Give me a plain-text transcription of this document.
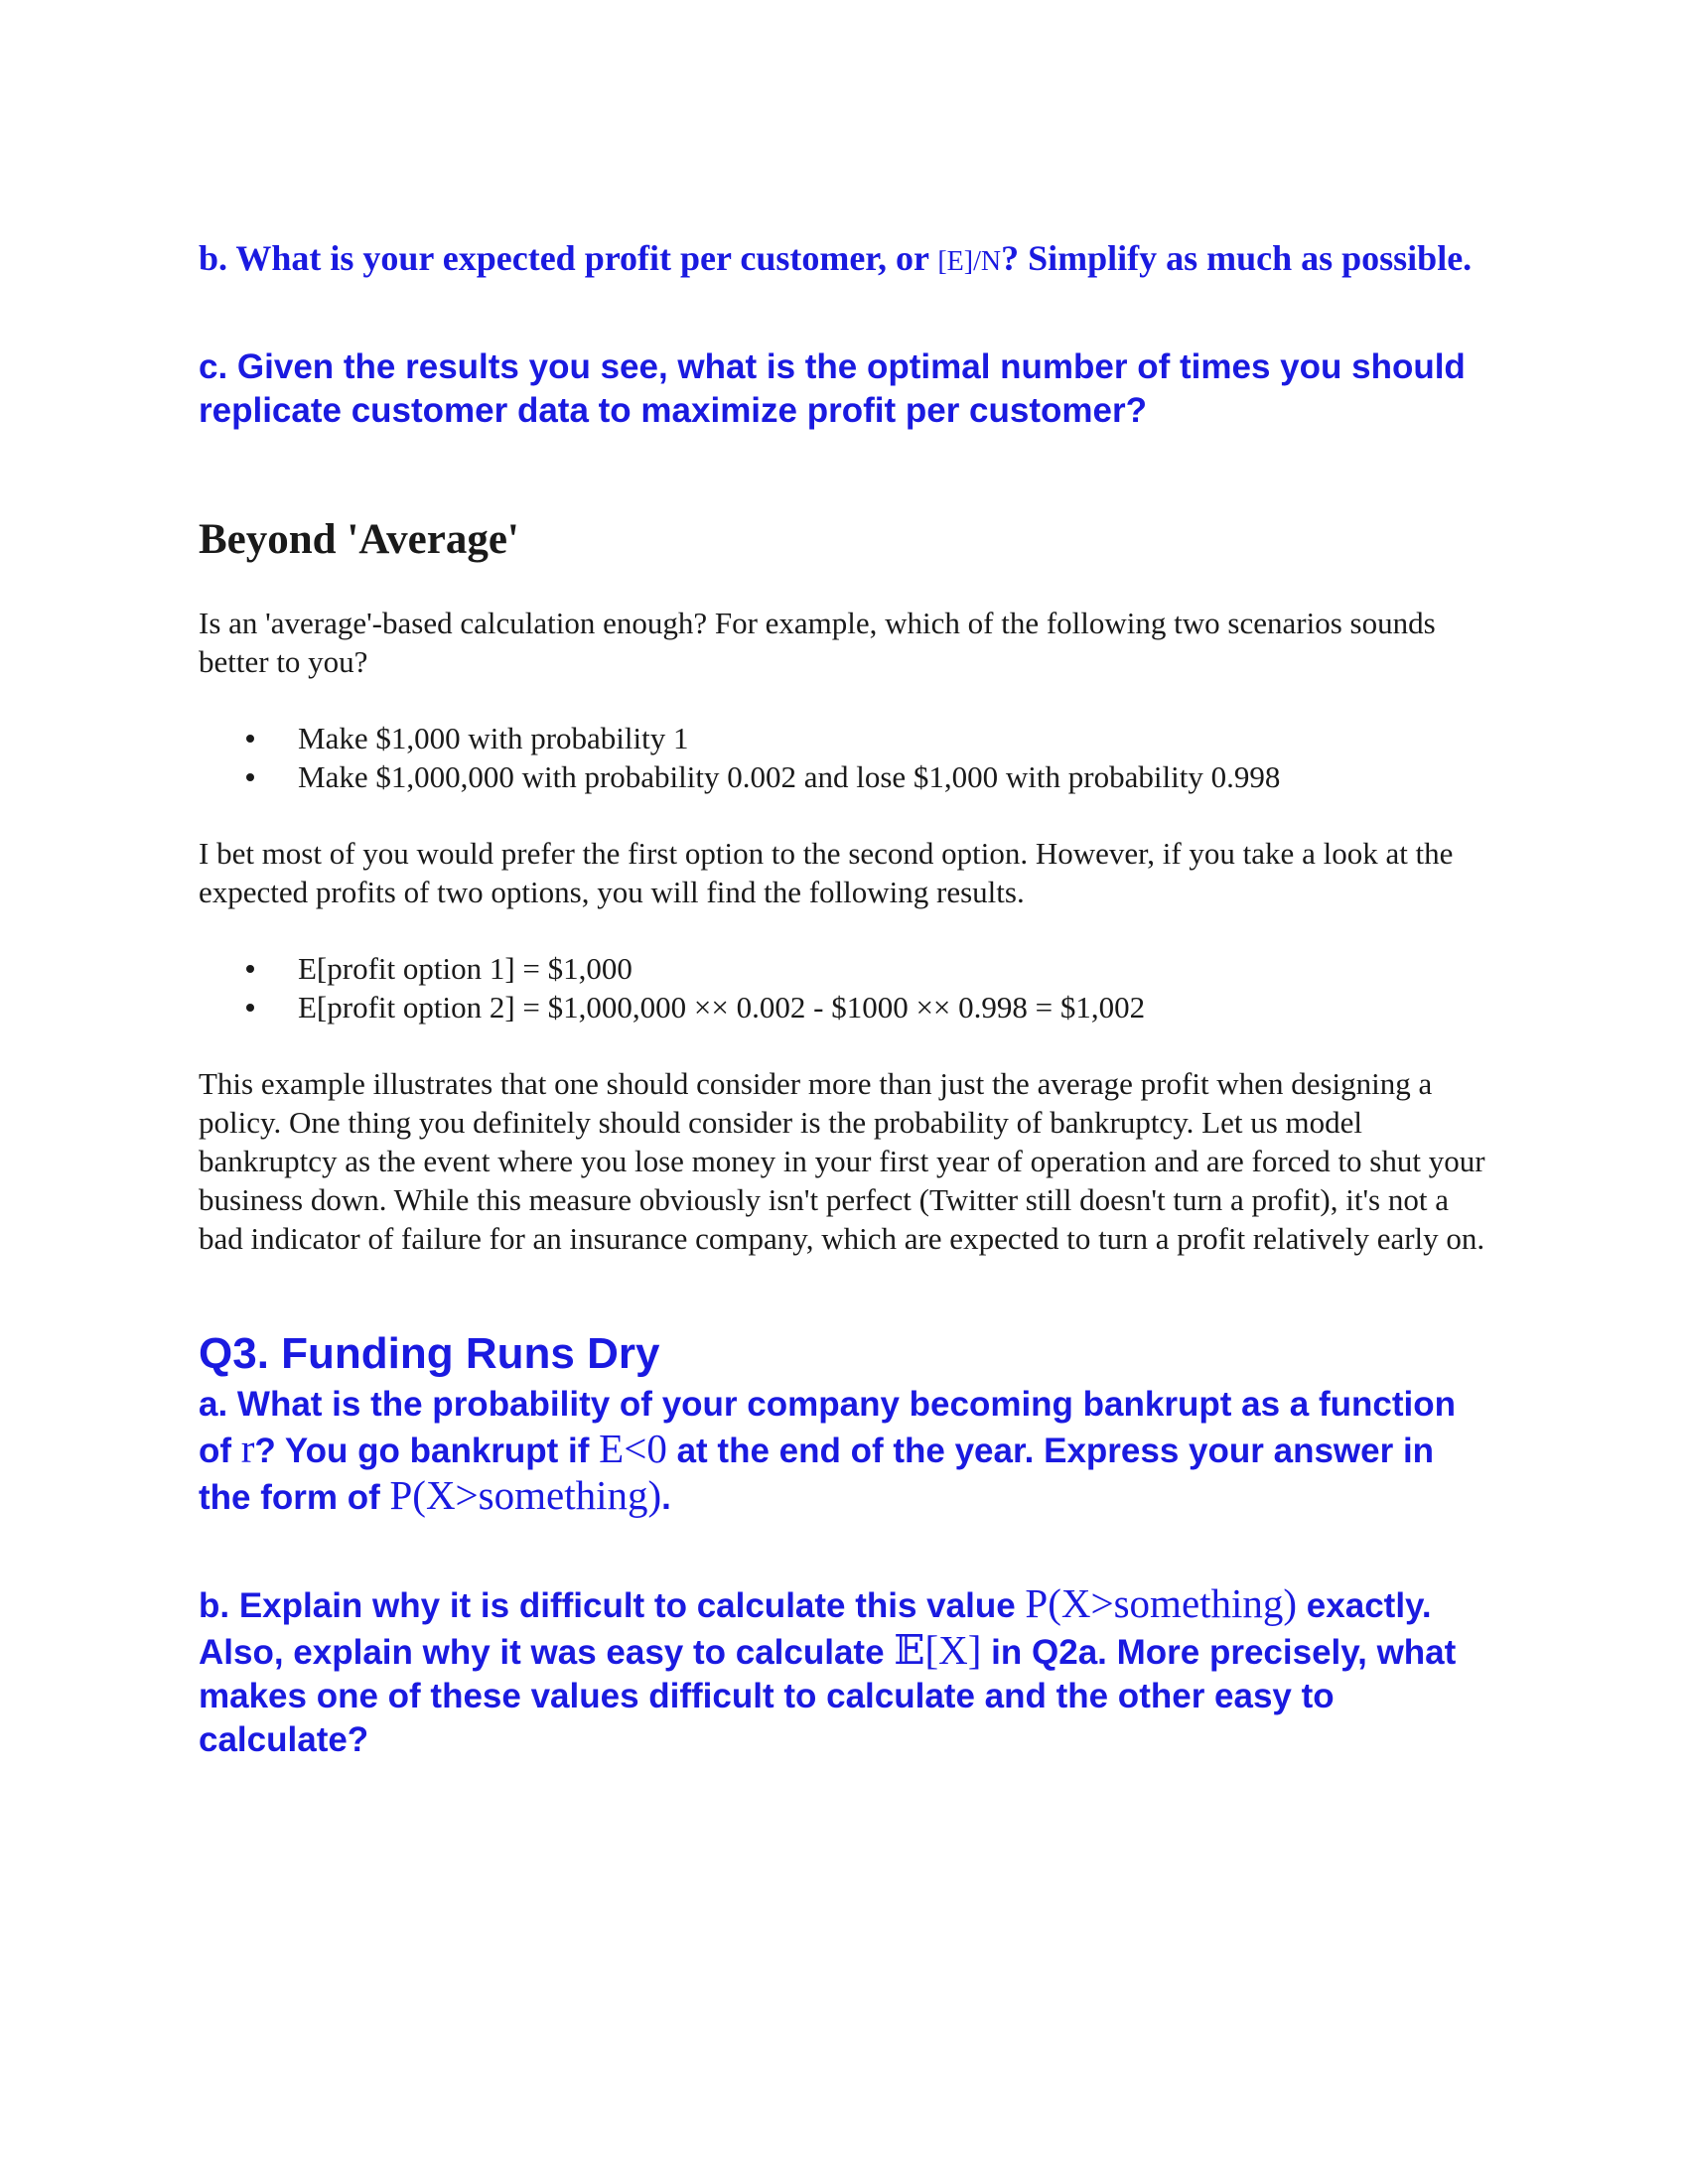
b. What is your expected profit per customer, or [E]/N? Simplify as much as possible.

c. Given the results you see, what is the optimal number of times you should replicate customer data to maximize profit per customer?

Beyond 'Average'

Is an 'average'-based calculation enough? For example, which of the following two scenarios sounds better to you?

Make $1,000 with probability 1
Make $1,000,000 with probability 0.002 and lose $1,000 with probability 0.998

I bet most of you would prefer the first option to the second option. However, if you take a look at the expected profits of two options, you will find the following results.

E[profit option 1] = $1,000
E[profit option 2] = $1,000,000 ×× 0.002 - $1000 ×× 0.998 = $1,002

This example illustrates that one should consider more than just the average profit when designing a policy. One thing you definitely should consider is the probability of bankruptcy. Let us model bankruptcy as the event where you lose money in your first year of operation and are forced to shut your business down. While this measure obviously isn't perfect (Twitter still doesn't turn a profit), it's not a bad indicator of failure for an insurance company, which are expected to turn a profit relatively early on.

Q3. Funding Runs Dry

a. What is the probability of your company becoming bankrupt as a function of r? You go bankrupt if E<0 at the end of the year. Express your answer in the form of P(X>something).

b. Explain why it is difficult to calculate this value P(X>something) exactly. Also, explain why it was easy to calculate 𝔼[X] in Q2a. More precisely, what makes one of these values difficult to calculate and the other easy to calculate?
